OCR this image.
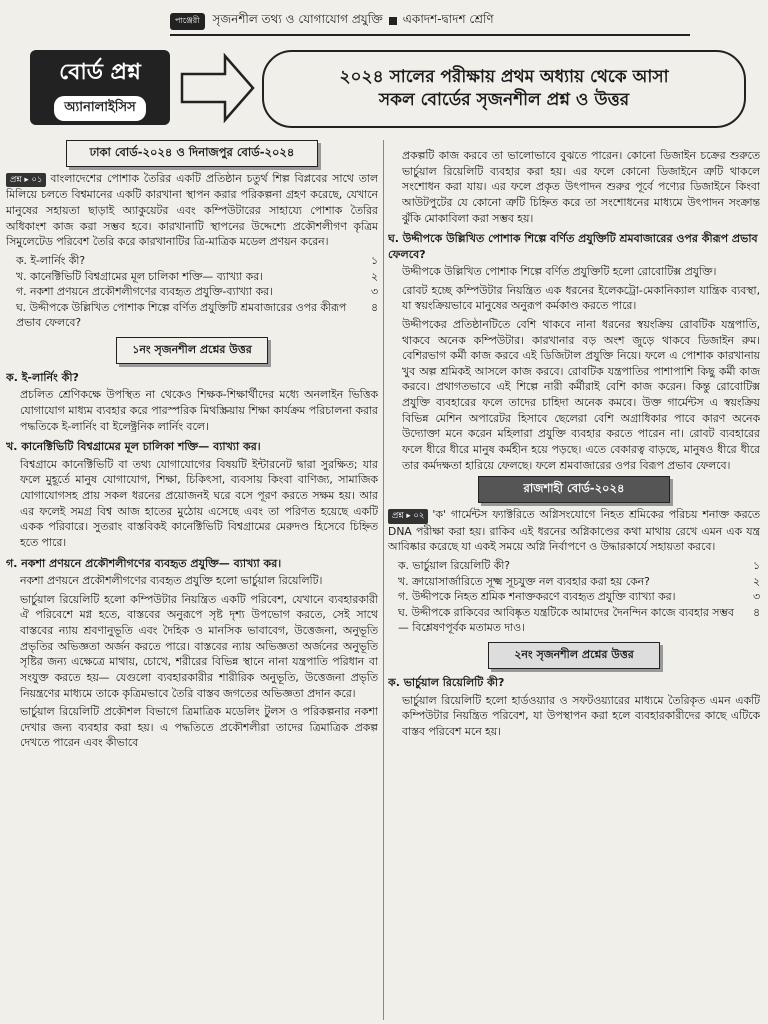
পাঞ্জেরী	সৃজনশীল তথ্য ও যোগাযোগ প্রযুক্তি একাদশ-দ্বাদশ শ্রেণি
বোর্ড প্রশ্ন
অ্যানালাইসিস
২০২৪ সালের পরীক্ষায় প্রথম অধ্যায় থেকে আসা
সকল বোর্ডের সৃজনশীল প্রশ্ন ও উত্তর
ঢাকা বোর্ড-২০২৪ ও দিনাজপুর বোর্ড-২০২৪

প্রশ্ন ▸ ০১ বাংলাদেশের পোশাক তৈরির একটি প্রতিষ্ঠান চতুর্থ শিল্প বিপ্লবের সাথে তাল মিলিয়ে চলতে বিশ্বমানের একটি কারখানা স্থাপন করার পরিকল্পনা গ্রহণ করেছে, যেখানে মানুষের সহায়তা ছাড়াই অ্যাকুয়েটর এবং কম্পিউটারের সাহায্যে পোশাক তৈরির অধিকাংশ কাজ করা সম্ভব হবে। কারখানাটি স্থাপনের উদ্দেশ্যে প্রকৌশলীগণ কৃত্রিম সিমুলেটেড পরিবেশ তৈরি করে কারখানাটির ত্রি-মাত্রিক মডেল প্রণয়ন করেন।

ক. ই-লার্নিং কী?	১
খ. কানেক্টিভিটি বিশ্বগ্রামের মূল চালিকা শক্তি— ব্যাখ্যা কর।	২
গ. নকশা প্রণয়নে প্রকৌশলীগণের ব্যবহৃত প্রযুক্তি-ব্যাখ্যা কর।	৩
ঘ. উদ্দীপকে উল্লিখিত পোশাক শিল্পে বর্ণিত প্রযুক্তিটি শ্রমবাজারের ওপর কীরূপ প্রভাব ফেলবে?
৪
১নং সৃজনশীল প্রশ্নের উত্তর
ক. ই-লার্নিং কী?

প্রচলিত শ্রেণিকক্ষে উপস্থিত না থেকেও শিক্ষক-শিক্ষার্থীদের মধ্যে অনলাইন ভিত্তিক যোগাযোগ মাধ্যম ব্যবহার করে পারস্পরিক মিথস্ক্রিয়ায় শিক্ষা কার্যক্রম পরিচালনা করার পদ্ধতিকে ই-লার্নিং বা ইলেক্ট্রনিক লার্নিং বলে।

খ. কানেক্টিভিটি বিশ্বগ্রামের মূল চালিকা শক্তি— ব্যাখ্যা কর।

বিশ্বগ্রামে কানেক্টিভিটি বা তথ্য যোগাযোগের বিষয়টি ইন্টারনেট দ্বারা সুরক্ষিত; যার ফলে মুহূর্তে মানুষ যোগাযোগ, শিক্ষা, চিকিৎসা, ব্যবসায় কিংবা বাণিজ্য, সামাজিক যোগাযোগসহ প্রায় সকল ধরনের প্রয়োজনই ঘরে বসে পূরণ করতে সক্ষম হয়। আর এর ফলেই সমগ্র বিশ্ব আজ হাতের মুঠোয় এসেছে এবং তা পরিণত হয়েছে একটি একক পরিবারে। সুতরাং বাস্তবিকই কানেক্টিভিটি বিশ্বগ্রামের মেরুদণ্ড হিসেবে চিহ্নিত হতে পারে।

গ. নকশা প্রণয়নে প্রকৌশলীগণের ব্যবহৃত প্রযুক্তি— ব্যাখ্যা কর।

নকশা প্রণয়নে প্রকৌশলীগণের ব্যবহৃত প্রযুক্তি হলো ভার্চুয়াল রিয়েলিটি।

ভার্চুয়াল রিয়েলিটি হলো কম্পিউটার নিয়ন্ত্রিত একটি পরিবেশ, যেখানে ব্যবহারকারী ঐ পরিবেশে মগ্ন হতে, বাস্তবের অনুরূপে সৃষ্ট দৃশ্য উপভোগ করতে, সেই সাথে বাস্তবের ন্যায় শ্রবণানুভূতি এবং দৈহিক ও মানসিক ভাবাবেগ, উত্তেজনা, অনুভূতি প্রভৃতির অভিজ্ঞতা অর্জন করতে পারে। বাস্তবের ন্যায় অভিজ্ঞতা অর্জনের অনুভূতি সৃষ্টির জন্য এক্ষেত্রে মাথায়, চোখে, শরীরের বিভিন্ন স্থানে নানা যন্ত্রপাতি পরিধান বা সংযুক্ত করতে হয়— যেগুলো ব্যবহারকারীর শারীরিক অনুভূতি, উত্তেজনা প্রভৃতি নিয়ন্ত্রণের মাধ্যমে তাকে কৃত্রিমভাবে তৈরি বাস্তব জগতের অভিজ্ঞতা প্রদান করে।

ভার্চুয়াল রিয়েলিটি প্রকৌশল বিভাগে ত্রিমাত্রিক মডেলিং টুলস ও পরিকল্পনার নকশা দেখার জন্য ব্যবহার করা হয়। এ পদ্ধতিতে প্রকৌশলীরা তাদের ত্রিমাত্রিক প্রকল্প দেখতে পারেন এবং কীভাবে

প্রকল্পটি কাজ করবে তা ভালোভাবে বুঝতে পারেন। কোনো ডিজাইন চক্রের শুরুতে ভার্চুয়াল রিয়েলিটি ব্যবহার করা হয়। এর ফলে কোনো ডিজাইনে ত্রুটি থাকলে সংশোধন করা যায়। এর ফলে প্রকৃত উৎপাদন শুরুর পূর্বে পণ্যের ডিজাইনে কিংবা আউটপুটের যে কোনো ত্রুটি চিহ্নিত করে তা সংশোধনের মাধ্যমে উৎপাদন সংক্রান্ত ঝুঁকি মোকাবিলা করা সম্ভব হয়।

ঘ. উদ্দীপকে উল্লিখিত পোশাক শিল্পে বর্ণিত প্রযুক্তিটি শ্রমবাজারের ওপর কীরূপ প্রভাব ফেলবে?

উদ্দীপকে উল্লিখিত পোশাক শিল্পে বর্ণিত প্রযুক্তিটি হলো রোবোটিক্স প্রযুক্তি।

রোবট হচ্ছে কম্পিউটার নিয়ন্ত্রিত এক ধরনের ইলেকট্রো-মেকানিক্যাল যান্ত্রিক ব্যবস্থা, যা স্বয়ংক্রিয়ভাবে মানুষের অনুরূপ কর্মকাণ্ড করতে পারে।

উদ্দীপকের প্রতিষ্ঠানটিতে বেশি থাকবে নানা ধরনের স্বয়ংক্রিয় রোবটিক যন্ত্রপাতি, থাকবে অনেক কম্পিউটার। কারখানার বড় অংশ জুড়ে থাকবে ডিজাইন রুম। বেশিরভাগ কর্মী কাজ করবে এই ডিজিটাল প্রযুক্তি নিয়ে। ফলে এ পোশাক কারখানায় খুব অল্প শ্রমিকই আসলে কাজ করবে। রোবটিক যন্ত্রপাতির পাশাপাশি কিছু কর্মী কাজ করবে। প্রথাগতভাবে এই শিল্পে নারী কর্মীরাই বেশি কাজ করেন। কিন্তু রোবোটিক্স প্রযুক্তি ব্যবহারের ফলে তাদের চাহিদা অনেক কমবে। উক্ত গার্মেন্টস এ স্বয়ংক্রিয় বিভিন্ন মেশিন অপারেটর হিসাবে ছেলেরা বেশি অগ্রাধিকার পাবে কারণ অনেক উদ্যোক্তা মনে করেন মহিলারা প্রযুক্তি ব্যবহার করতে পারেন না। রোবট ব্যবহারের ফলে ধীরে ধীরে মানুষ কর্মহীন হয়ে পড়ছে। এতে বেকারত্ব বাড়ছে, মানুষও ধীরে ধীরে তার কর্মদক্ষতা হারিয়ে ফেলছে। ফলে শ্রমবাজারের ওপর বিরূপ প্রভাব ফেলবে।

রাজশাহী বোর্ড-২০২৪

প্রশ্ন ▸ ০২ 'ক' গার্মেন্টস ফ্যাক্টরিতে অগ্নিসংযোগে নিহত শ্রমিকের পরিচয় শনাক্ত করতে DNA পরীক্ষা করা হয়। রাকিব এই ধরনের অগ্নিকাণ্ডের কথা মাথায় রেখে এমন এক যন্ত্র আবিষ্কার করেছে যা একই সময়ে অগ্নি নির্বাপণে ও উদ্ধারকার্যে সহায়তা করবে।

ক. ভার্চুয়াল রিয়েলিটি কী?	১
খ. ক্রায়োসার্জারিতে সূক্ষ্ম সূচযুক্ত নল ব্যবহার করা হয় কেন?	২
গ. উদ্দীপকে নিহত শ্রমিক শনাক্তকরণে ব্যবহৃত প্রযুক্তি ব্যাখ্যা কর।	৩
ঘ. উদ্দীপকে রাকিবের আবিষ্কৃত যন্ত্রটিকে আমাদের দৈনন্দিন কাজে ব্যবহার সম্ভব— বিশ্লেষণপূর্বক মতামত দাও।
৪
২নং সৃজনশীল প্রশ্নের উত্তর
ক. ভার্চুয়াল রিয়েলিটি কী?

ভার্চুয়াল রিয়েলিটি হলো হার্ডওয়্যার ও সফটওয়্যারের মাধ্যমে তৈরিকৃত এমন একটি কম্পিউটার নিয়ন্ত্রিত পরিবেশ, যা উপস্থাপন করা হলে ব্যবহারকারীদের কাছে এটিকে বাস্তব পরিবেশ মনে হয়।
